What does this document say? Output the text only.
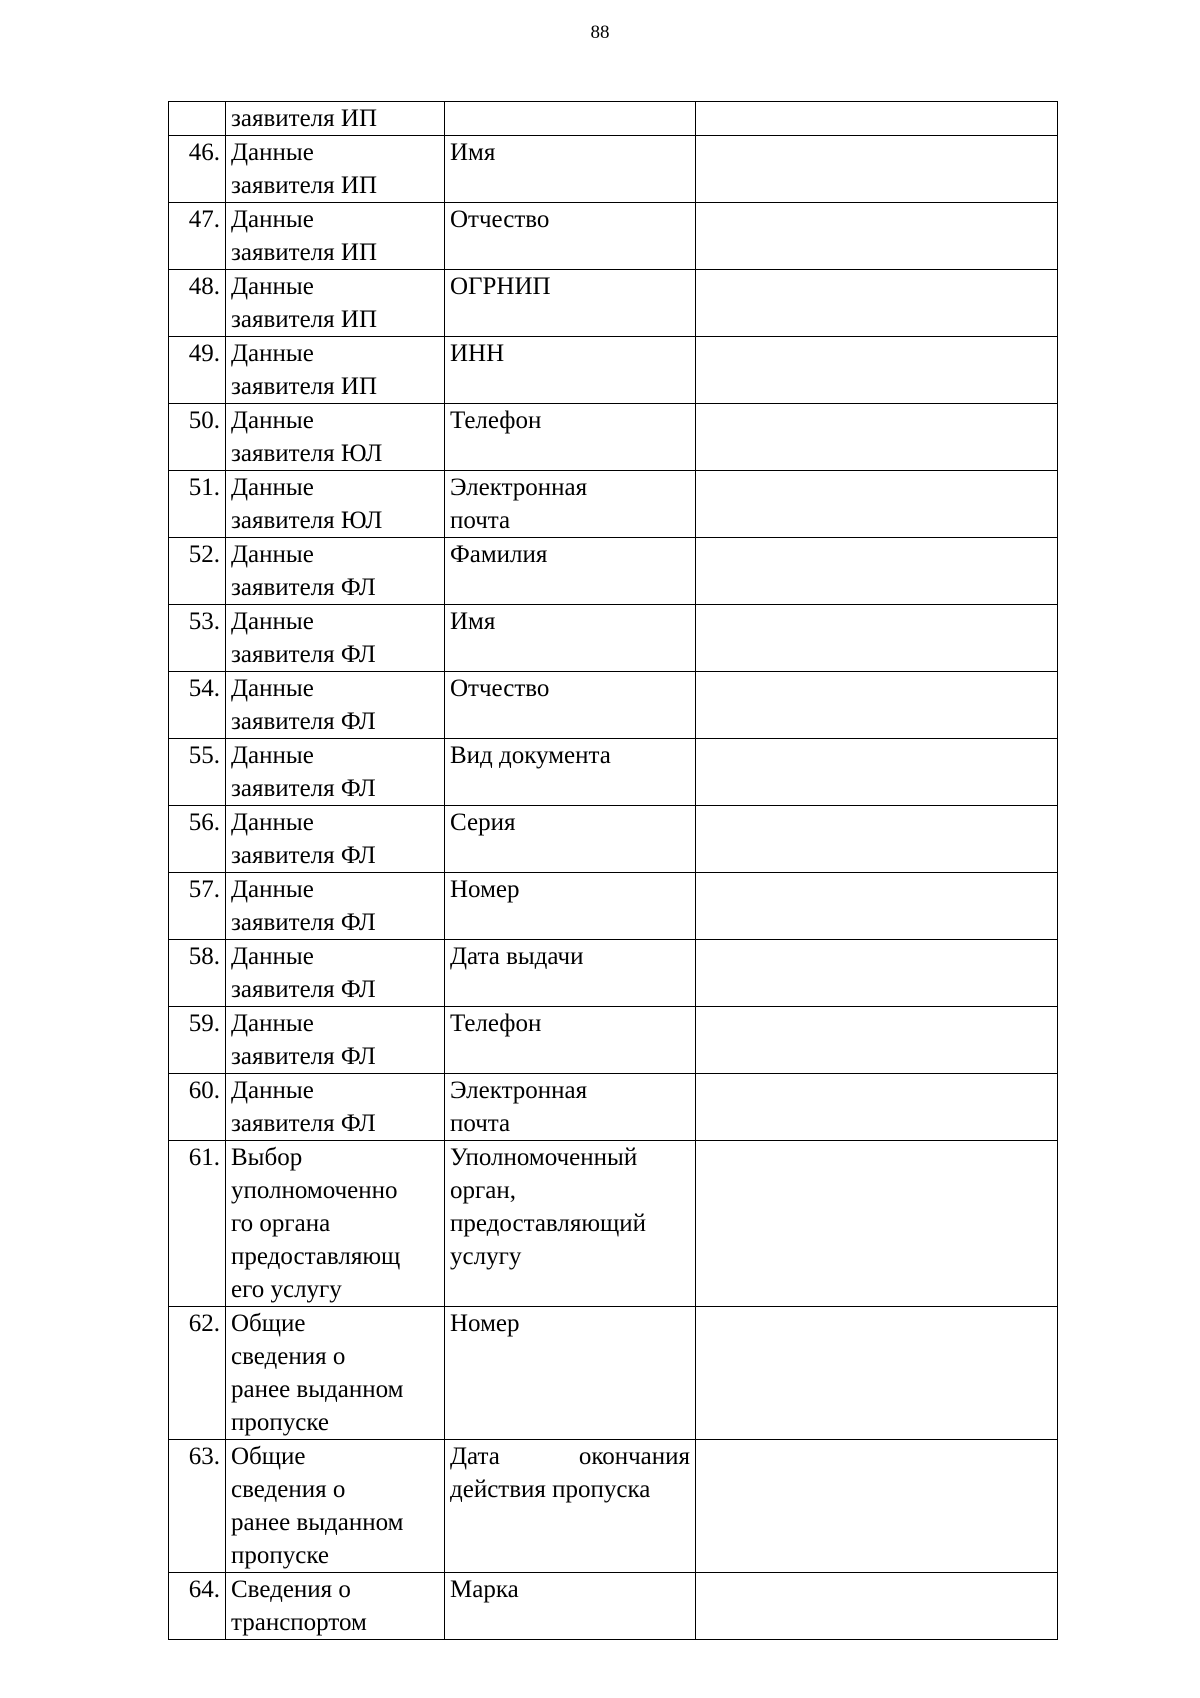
88

	заявителя ИП		

46.	Данные
заявителя ИП	Имя	

47.	Данные
заявителя ИП	Отчество	

48.	Данные
заявителя ИП	ОГРНИП	

49.	Данные
заявителя ИП	ИНН	

50.	Данные
заявителя ЮЛ	Телефон	

51.	Данные
заявителя ЮЛ	Электронная
почта	

52.	Данные
заявителя ФЛ	Фамилия	

53.	Данные
заявителя ФЛ	Имя	

54.	Данные
заявителя ФЛ	Отчество	

55.	Данные
заявителя ФЛ	Вид документа	

56.	Данные
заявителя ФЛ	Серия	

57.	Данные
заявителя ФЛ	Номер	

58.	Данные
заявителя ФЛ	Дата выдачи	

59.	Данные
заявителя ФЛ	Телефон	

60.	Данные
заявителя ФЛ	Электронная
почта	

61.	Выбор
уполномоченно
го органа
предоставляющ
его услугу	Уполномоченный
орган,
предоставляющий
услугу	

62.	Общие
сведения о
ранее выданном
пропуске	Номер	

63.	Общие
сведения о
ранее выданном
пропуске	Дата окончания
действия пропуска	

64.	Сведения о
транспортом	Марка	
